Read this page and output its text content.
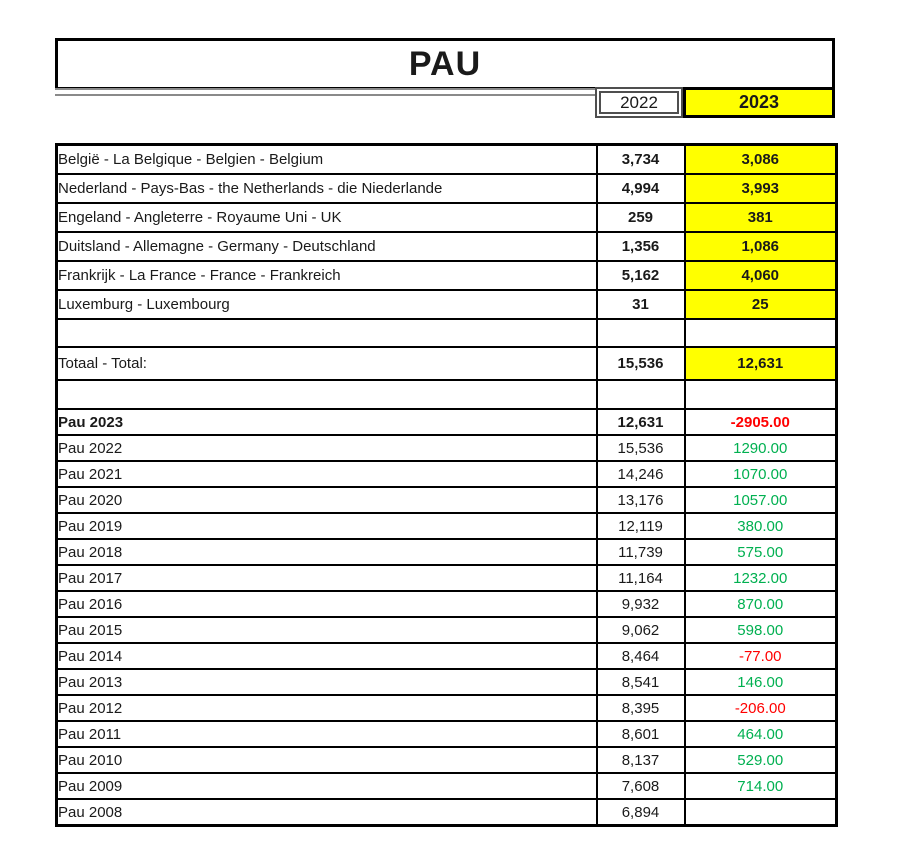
PAU
2022	2023
België - La Belgique - Belgien - Belgium	3,734	3,086
Nederland - Pays-Bas - the Netherlands - die Niederlande	4,994	3,993
Engeland - Angleterre - Royaume Uni - UK	259	381
Duitsland - Allemagne - Germany - Deutschland	1,356	1,086
Frankrijk - La France - France - Frankreich	5,162	4,060
Luxemburg - Luxembourg	31	25

Totaal - Total:	15,536	12,631

Pau 2023	12,631	-2905.00
Pau 2022	15,536	1290.00
Pau 2021	14,246	1070.00
Pau 2020	13,176	1057.00
Pau 2019	12,119	380.00
Pau 2018	11,739	575.00
Pau 2017	11,164	1232.00
Pau 2016	9,932	870.00
Pau 2015	9,062	598.00
Pau 2014	8,464	-77.00
Pau 2013	8,541	146.00
Pau 2012	8,395	-206.00
Pau 2011	8,601	464.00
Pau 2010	8,137	529.00
Pau 2009	7,608	714.00
Pau 2008	6,894	
